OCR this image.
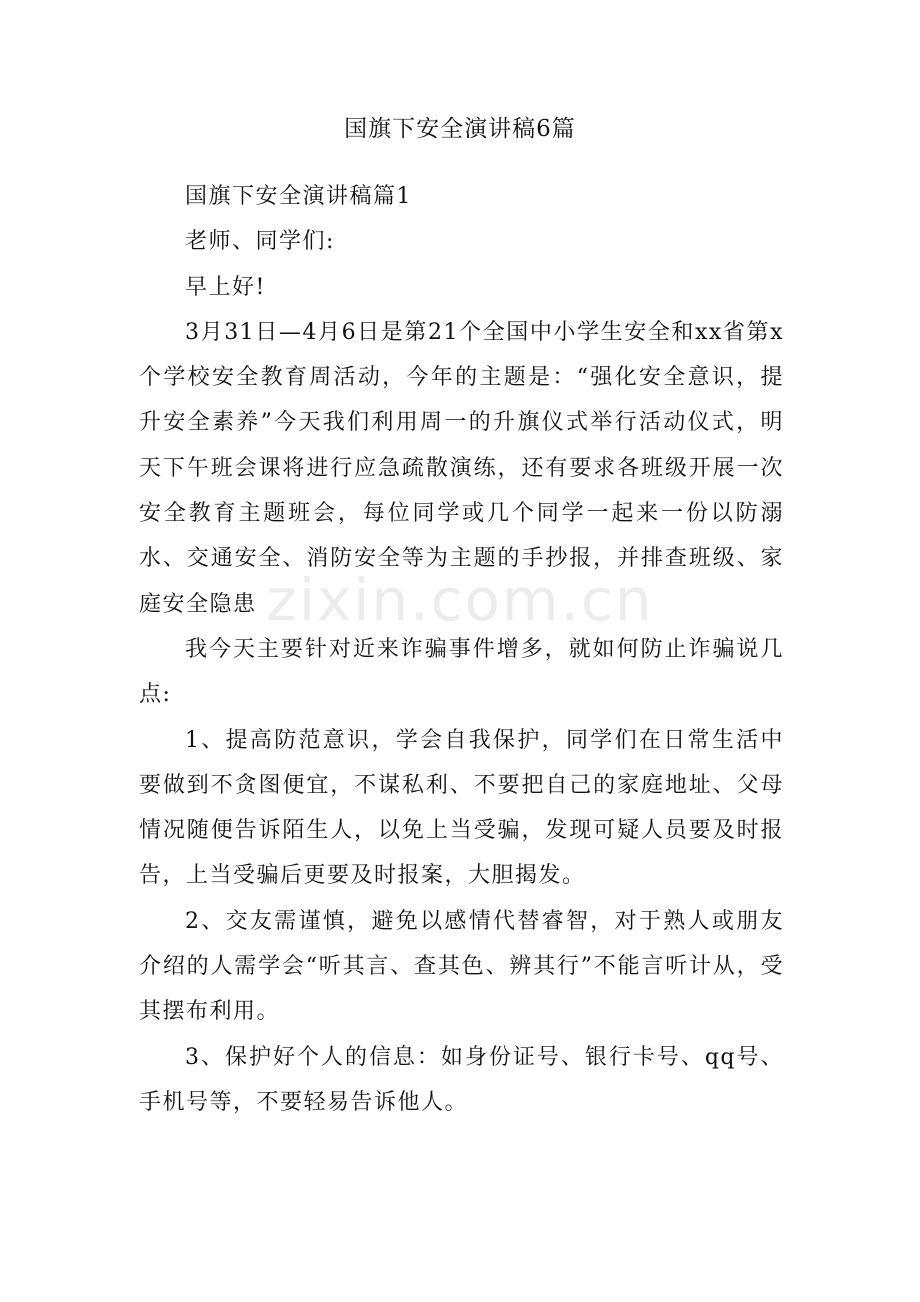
国旗下安全演讲稿6篇
zixin.com.cn

国旗下安全演讲稿篇1

老师、同学们:

早上好!

3月31日—4月6日是第21个全国中小学生安全和xx省第x个学校安全教育周活动，今年的主题是：“强化安全意识，提升安全素养”今天我们利用周一的升旗仪式举行活动仪式，明天下午班会课将进行应急疏散演练，还有要求各班级开展一次安全教育主题班会，每位同学或几个同学一起来一份以防溺水、交通安全、消防安全等为主题的手抄报，并排查班级、家庭安全隐患

我今天主要针对近来诈骗事件增多，就如何防止诈骗说几点:

1、提高防范意识，学会自我保护，同学们在日常生活中要做到不贪图便宜，不谋私利、不要把自己的家庭地址、父母情况随便告诉陌生人，以免上当受骗，发现可疑人员要及时报告，上当受骗后更要及时报案，大胆揭发。

2、交友需谨慎，避免以感情代替睿智，对于熟人或朋友介绍的人需学会“听其言、查其色、辨其行”不能言听计从，受其摆布利用。

3、保护好个人的信息：如身份证号、银行卡号、qq号、手机号等，不要轻易告诉他人。
